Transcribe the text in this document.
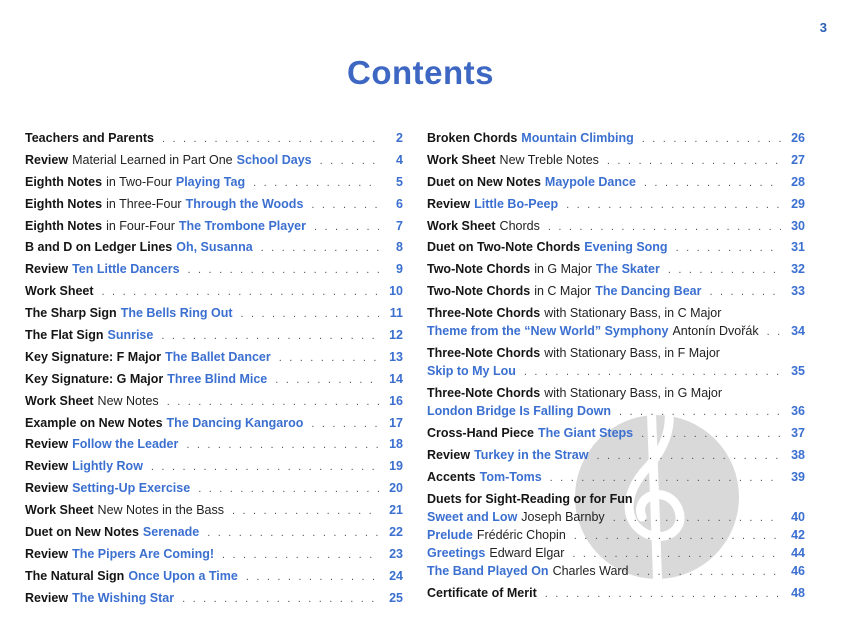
3
Contents
Teachers and Parents . . .	2
Review Material Learned in Part One School Days . . .	4
Eighth Notes in Two-Four Playing Tag . . .	5
Eighth Notes in Three-Four Through the Woods . . .	6
Eighth Notes in Four-Four The Trombone Player . . .	7
B and D on Ledger Lines Oh, Susanna . . .	8
Review Ten Little Dancers . . .	9
Work Sheet . . .	10
The Sharp Sign The Bells Ring Out . . .	11
The Flat Sign Sunrise . . .	12
Key Signature: F Major The Ballet Dancer . . .	13
Key Signature: G Major Three Blind Mice . . .	14
Work Sheet New Notes . . .	16
Example on New Notes The Dancing Kangaroo . . .	17
Review Follow the Leader . . .	18
Review Lightly Row . . .	19
Review Setting-Up Exercise . . .	20
Work Sheet New Notes in the Bass . . .	21
Duet on New Notes Serenade . . .	22
Review The Pipers Are Coming! . . .	23
The Natural Sign Once Upon a Time . . .	24
Review The Wishing Star . . .	25
Broken Chords Mountain Climbing . . .	26
Work Sheet New Treble Notes . . .	27
Duet on New Notes Maypole Dance . . .	28
Review Little Bo-Peep . . .	29
Work Sheet Chords . . .	30
Duet on Two-Note Chords Evening Song . . .	31
Two-Note Chords in G Major The Skater . . .	32
Two-Note Chords in C Major The Dancing Bear . . .	33
Three-Note Chords with Stationary Bass, in C Major
Theme from the “New World” Symphony Antonín Dvořák . . .	34
Three-Note Chords with Stationary Bass, in F Major
Skip to My Lou . . .	35
Three-Note Chords with Stationary Bass, in G Major
London Bridge Is Falling Down . . .	36
Cross-Hand Piece The Giant Steps . . .	37
Review Turkey in the Straw . . .	38
Accents Tom-Toms . . .	39
Duets for Sight-Reading or for Fun
Sweet and Low Joseph Barnby . . .	40
Prelude Frédéric Chopin . . .	42
Greetings Edward Elgar . . .	44
The Band Played On Charles Ward . . .	46
Certificate of Merit . . .	48
